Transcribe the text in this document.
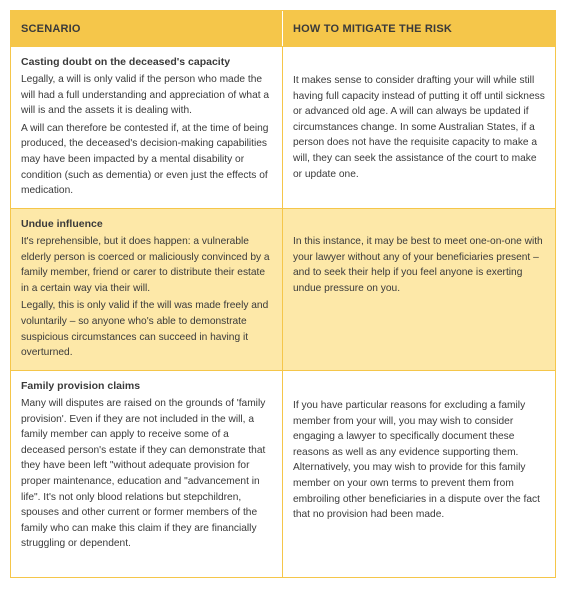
SCENARIO	HOW TO MITIGATE THE RISK
Casting doubt on the deceased's capacity

Legally, a will is only valid if the person who made the will had a full understanding and appreciation of what a will is and the assets it is dealing with.

A will can therefore be contested if, at the time of being produced, the deceased's decision-making capabilities may have been impacted by a mental disability or condition (such as dementia) or even just the effects of medication.

It makes sense to consider drafting your will while still having full capacity instead of putting it off until sickness or advanced old age. A will can always be updated if circumstances change. In some Australian States, if a person does not have the requisite capacity to make a will, they can seek the assistance of the court to make or update one.
Undue influence

It's reprehensible, but it does happen: a vulnerable elderly person is coerced or maliciously convinced by a family member, friend or carer to distribute their estate in a certain way via their will.

Legally, this is only valid if the will was made freely and voluntarily – so anyone who's able to demonstrate suspicious circumstances can succeed in having it overturned.

In this instance, it may be best to meet one-on-one with your lawyer without any of your beneficiaries present – and to seek their help if you feel anyone is exerting undue pressure on you.
Family provision claims

Many will disputes are raised on the grounds of 'family provision'. Even if they are not included in the will, a family member can apply to receive some of a deceased person's estate if they can demonstrate that they have been left "without adequate provision for proper maintenance, education and "advancement in life". It's not only blood relations but stepchildren, spouses and other current or former members of the family who can make this claim if they are financially struggling or dependent.

If you have particular reasons for excluding a family member from your will, you may wish to consider engaging a lawyer to specifically document these reasons as well as any evidence supporting them. Alternatively, you may wish to provide for this family member on your own terms to prevent them from embroiling other beneficiaries in a dispute over the fact that no provision had been made.
